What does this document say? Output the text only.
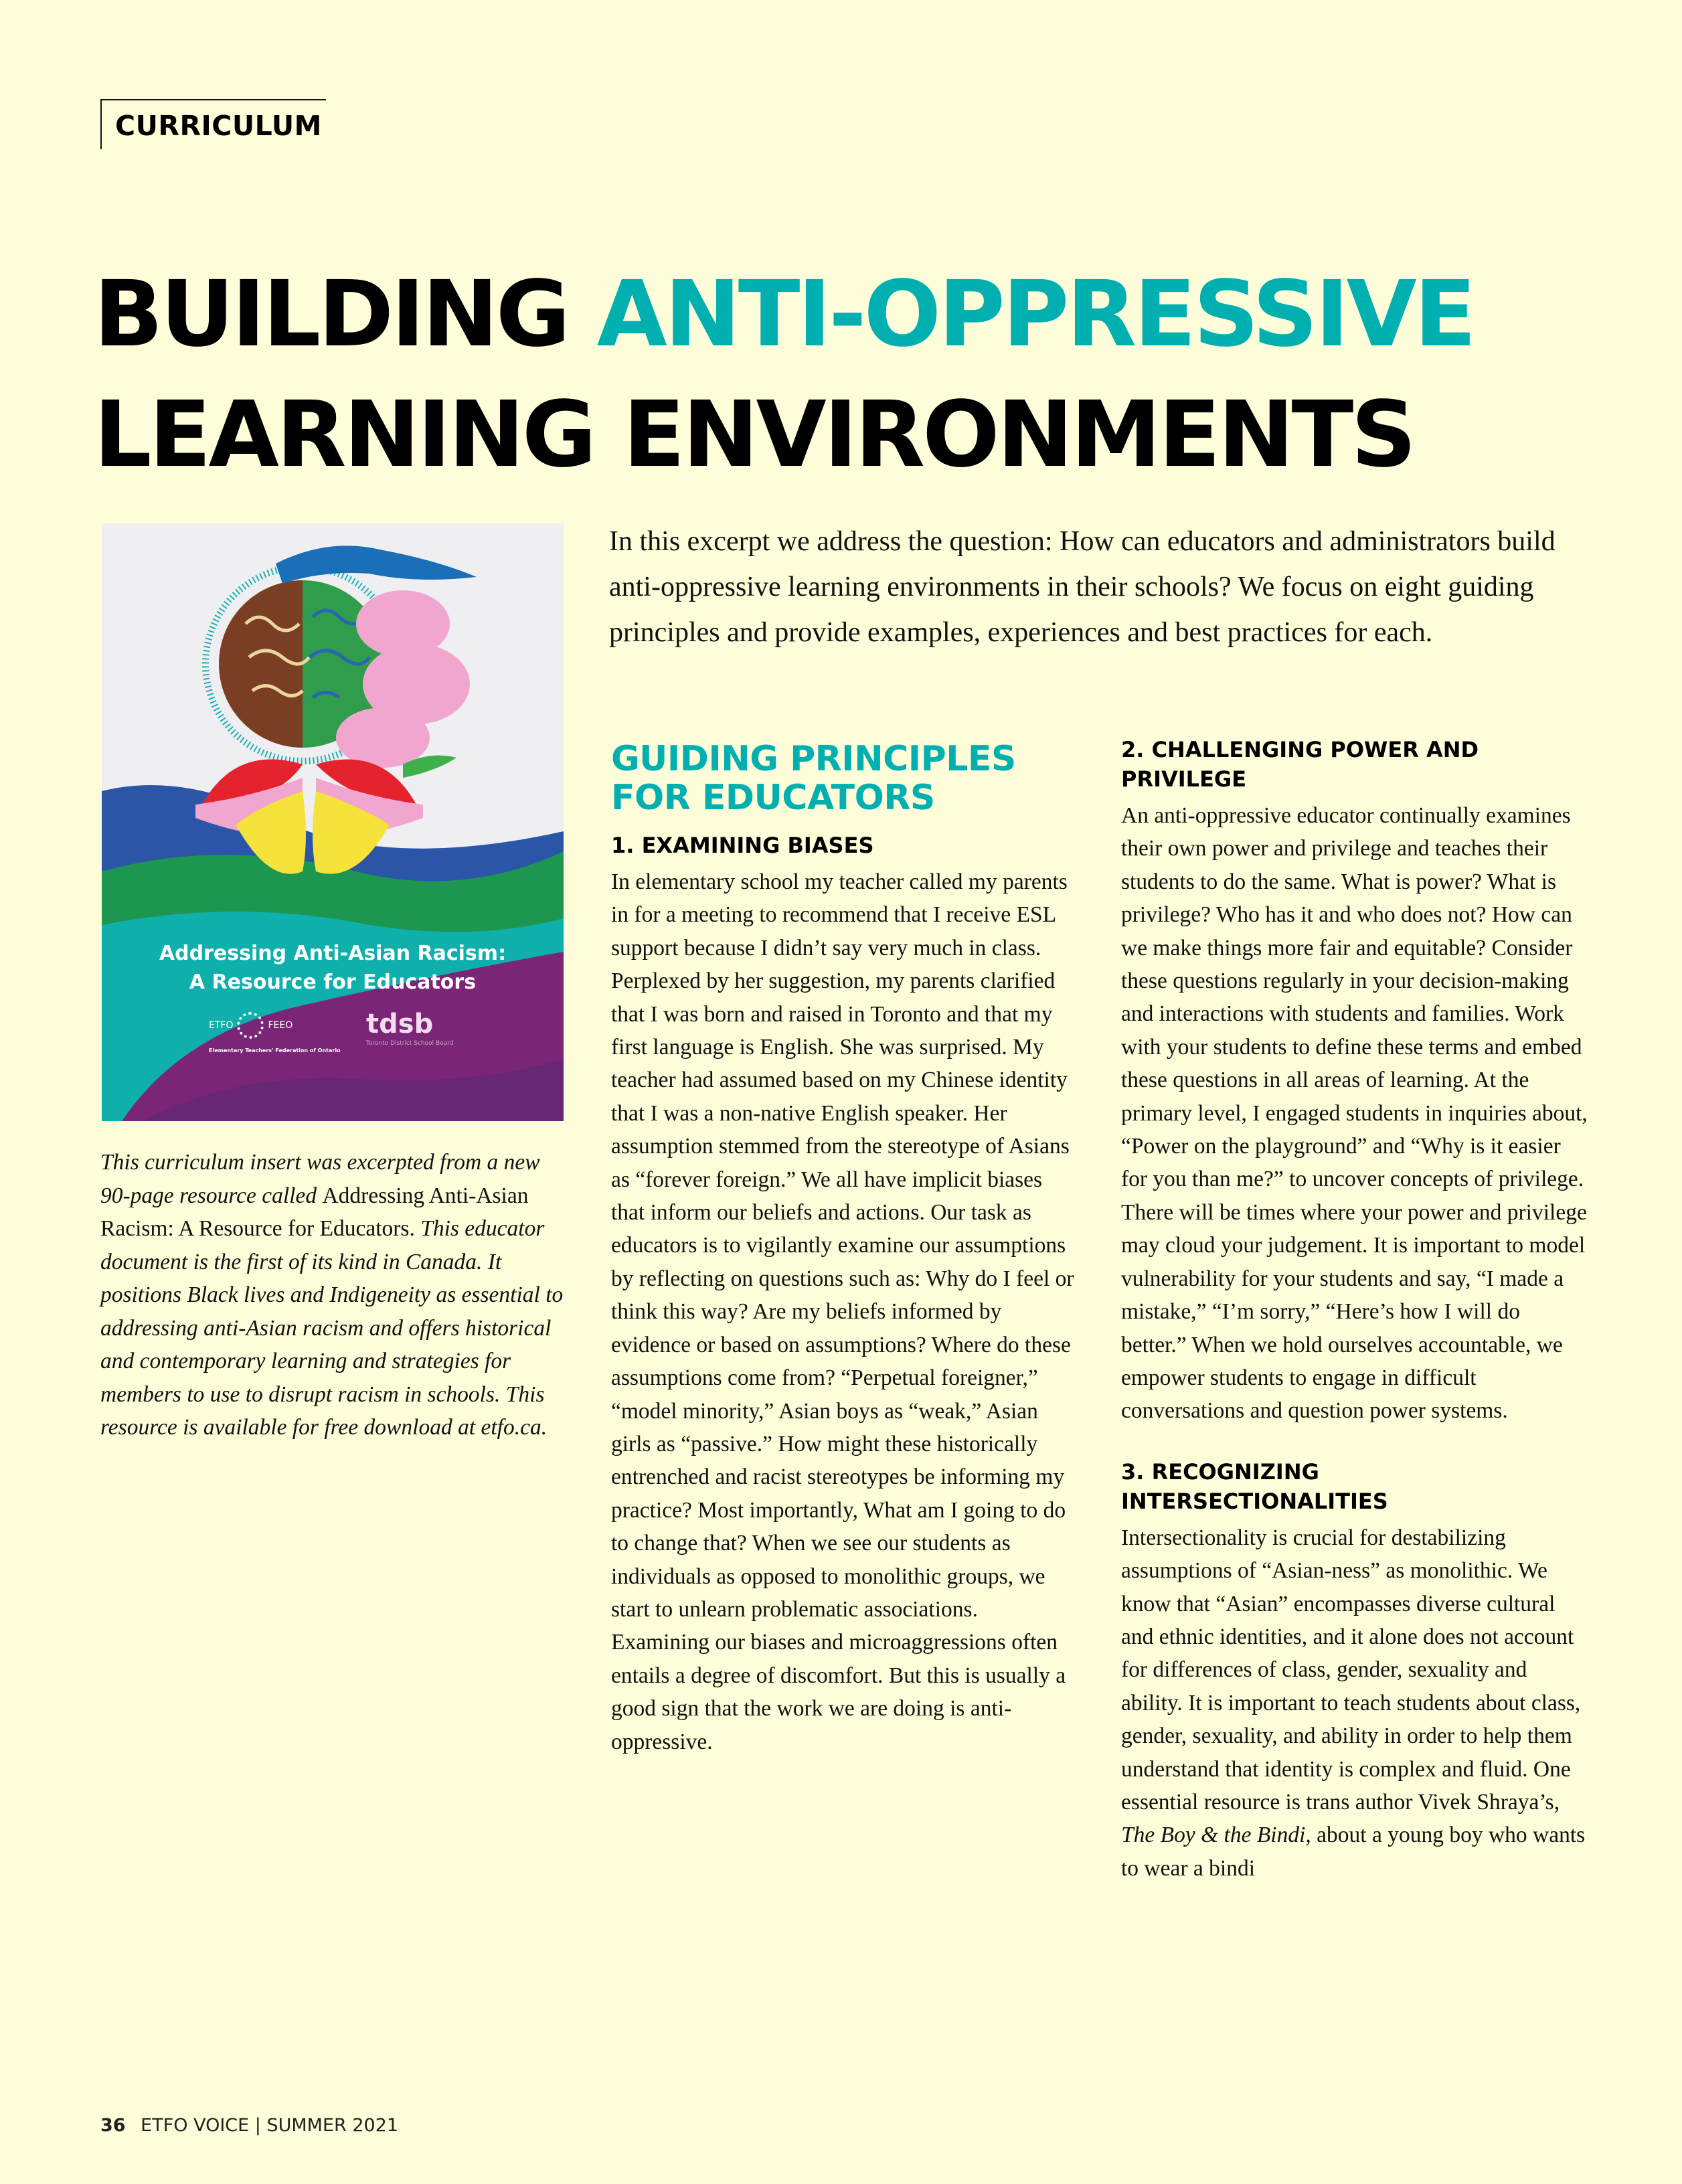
CURRICULUM
BUILDING ANTI-OPPRESSIVE
LEARNING ENVIRONMENTS
Addressing Anti-Asian Racism:
A Resource for Educators
ETFO	FEEO
Elementary Teachers' Federation of Ontario
tdsb
Toronto District School Board

This curriculum insert was excerpted from a new 90-page resource called Addressing Anti-Asian Racism: A Resource for Educators. This educator document is the first of its kind in Canada. It positions Black lives and Indigeneity as essential to addressing anti-Asian racism and offers historical and contemporary learning and strategies for members to use to disrupt racism in schools. This resource is available for free download at etfo.ca.

In this excerpt we address the question: How can educators and administrators build anti-oppressive learning environments in their schools? We focus on eight guiding principles and provide examples, experiences and best practices for each.

GUIDING PRINCIPLES FOR EDUCATORS
1. EXAMINING BIASES

In elementary school my teacher called my parents in for a meeting to recommend that I receive ESL support because I didn’t say very much in class. Perplexed by her suggestion, my parents clarified that I was born and raised in Toronto and that my first language is English. She was surprised. My teacher had assumed based on my Chinese identity that I was a non-native English speaker. Her assumption stemmed from the stereotype of Asians as “forever foreign.” We all have implicit biases that inform our beliefs and actions. Our task as educators is to vigilantly examine our assumptions by reflecting on questions such as: Why do I feel or think this way? Are my beliefs informed by evidence or based on assumptions? Where do these assumptions come from? “Perpetual foreigner,” “model minority,” Asian boys as “weak,” Asian girls as “passive.” How might these historically entrenched and racist stereotypes be informing my practice? Most importantly, What am I going to do to change that? When we see our students as individuals as opposed to monolithic groups, we start to unlearn problematic associations. Examining our biases and microaggressions often entails a degree of discomfort. But this is usually a good sign that the work we are doing is anti-oppressive.

2. CHALLENGING POWER AND PRIVILEGE

An anti-oppressive educator continually examines their own power and privilege and teaches their students to do the same. What is power? What is privilege? Who has it and who does not? How can we make things more fair and equitable? Consider these questions regularly in your decision-making and interactions with students and families. Work with your students to define these terms and embed these questions in all areas of learning. At the primary level, I engaged students in inquiries about, “Power on the playground” and “Why is it easier for you than me?” to uncover concepts of privilege. There will be times where your power and privilege may cloud your judgement. It is important to model vulnerability for your students and say, “I made a mistake,” “I’m sorry,” “Here’s how I will do better.” When we hold ourselves accountable, we empower students to engage in difficult conversations and question power systems.

3. RECOGNIZING INTERSECTIONALITIES

Intersectionality is crucial for destabilizing assumptions of “Asian-ness” as monolithic. We know that “Asian” encompasses diverse cultural and ethnic identities, and it alone does not account for differences of class, gender, sexuality and ability. It is important to teach students about class, gender, sexuality, and ability in order to help them understand that identity is complex and fluid. One essential resource is trans author Vivek Shraya’s, The Boy & the Bindi, about a young boy who wants to wear a bindi

36 ETFO VOICE | SUMMER 2021
